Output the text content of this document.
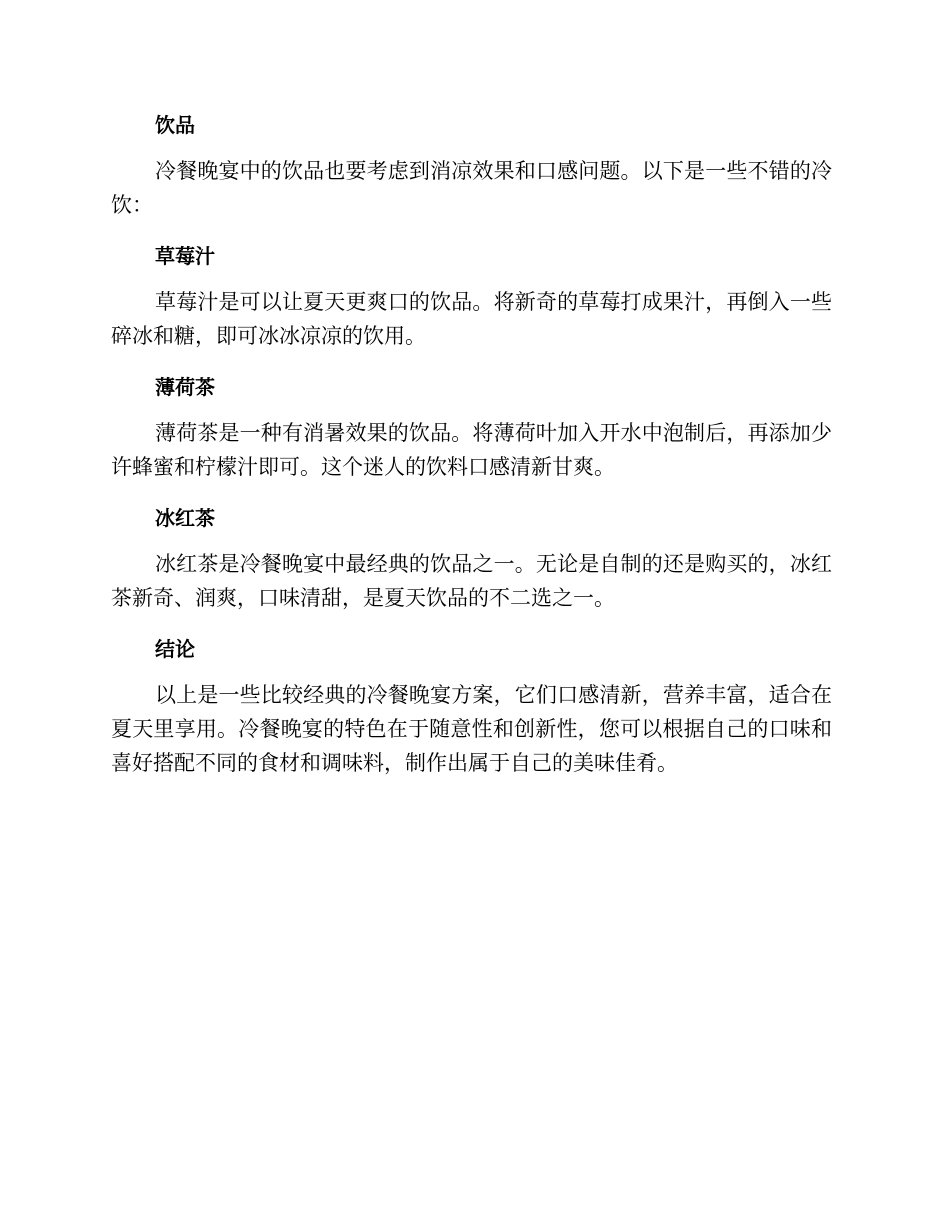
饮品

冷餐晚宴中的饮品也要考虑到消凉效果和口感问题。以下是一些不错的冷饮：

草莓汁

草莓汁是可以让夏天更爽口的饮品。将新奇的草莓打成果汁，再倒入一些碎冰和糖，即可冰冰凉凉的饮用。

薄荷茶

薄荷茶是一种有消暑效果的饮品。将薄荷叶加入开水中泡制后，再添加少许蜂蜜和柠檬汁即可。这个迷人的饮料口感清新甘爽。

冰红茶

冰红茶是冷餐晚宴中最经典的饮品之一。无论是自制的还是购买的，冰红茶新奇、润爽，口味清甜，是夏天饮品的不二选之一。

结论

以上是一些比较经典的冷餐晚宴方案，它们口感清新，营养丰富，适合在夏天里享用。冷餐晚宴的特色在于随意性和创新性，您可以根据自己的口味和喜好搭配不同的食材和调味料，制作出属于自己的美味佳肴。
